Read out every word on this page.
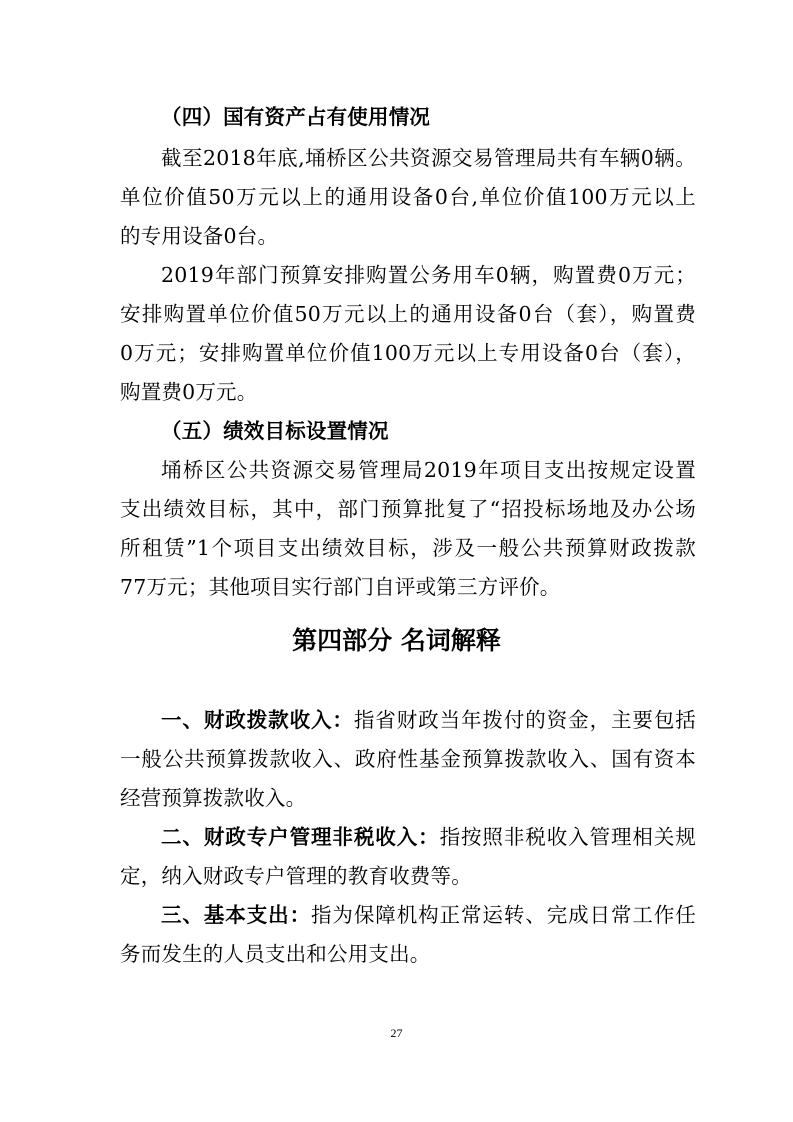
（四）国有资产占有使用情况
截至2018年底,埇桥区公共资源交易管理局共有车辆0辆。
单位价值50万元以上的通用设备0台,单位价值100万元以上
的专用设备0台。
2019年部门预算安排购置公务用车0辆，购置费0万元；
安排购置单位价值50万元以上的通用设备0台（套），购置费
0万元；安排购置单位价值100万元以上专用设备0台（套），
购置费0万元。
（五）绩效目标设置情况
埇桥区公共资源交易管理局2019年项目支出按规定设置
支出绩效目标，其中，部门预算批复了“招投标场地及办公场
所租赁”1个项目支出绩效目标，涉及一般公共预算财政拨款
77万元；其他项目实行部门自评或第三方评价。
第四部分 名词解释
一、财政拨款收入：指省财政当年拨付的资金，主要包括
一般公共预算拨款收入、政府性基金预算拨款收入、国有资本
经营预算拨款收入。
二、财政专户管理非税收入：指按照非税收入管理相关规
定，纳入财政专户管理的教育收费等。
三、基本支出：指为保障机构正常运转、完成日常工作任
务而发生的人员支出和公用支出。
27
